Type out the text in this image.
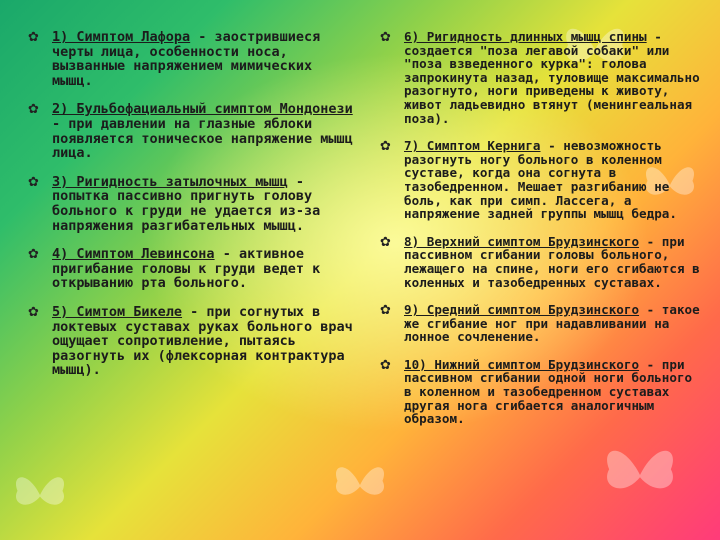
✿ 1) Симптом Лафора - заострившиеся черты лица, особенности носа, вызванные напряжением мимических мышц.
✿ 2) Бульбофациальный симптом Мондонези - при давлении на глазные яблоки появляется тоническое напряжение мышц лица.
✿ 3) Ригидность затылочных мышц - попытка пассивно пригнуть голову больного к груди не удается из-за напряжения разгибательных мышц.
✿ 4) Симптом Левинсона - активное пригибание головы к груди ведет к открыванию рта больного.
✿ 5) Симтом Бикеле - при согнутых в локтевых суставах руках больного врач ощущает сопротивление, пытаясь разогнуть их (флексорная контрактура мышц).
✿	6) Ригидность длинных мышц спины - создается "поза легавой собаки" или "поза взведенного курка": голова запрокинута назад, туловище максимально разогнуто, ноги приведены к животу, живот ладьевидно втянут (менингеальная поза).
✿	7) Симптом Кернига - невозможность разогнуть ногу больного в коленном суставе, когда она согнута в тазобедренном. Мешает разгибанию не боль, как при симп. Лассега, а напряжение задней группы мышц бедра.
✿	8) Верхний симптом Брудзинского - при пассивном сгибании головы больного, лежащего на спине, ноги его сгибаются в коленных и тазобедренных суставах.
✿	9) Средний симптом Брудзинского - такое же сгибание ног при надавливании на лонное сочленение.
✿	10) Нижний симптом Брудзинского - при пассивном сгибании одной ноги больного в коленном и тазобедренном суставах другая нога сгибается аналогичным образом.
